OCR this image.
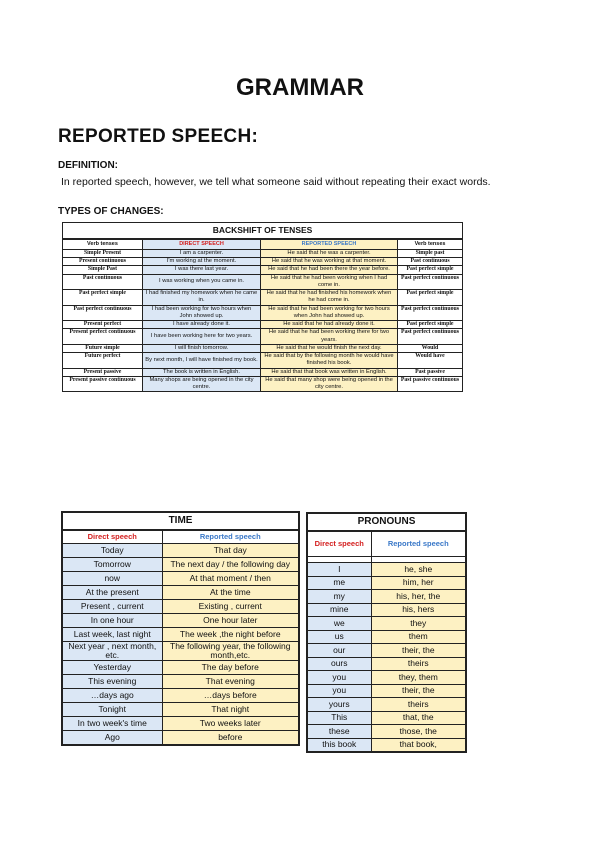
GRAMMAR
REPORTED SPEECH:
DEFINITION:
In reported speech, however, we tell what someone said without repeating their exact words.
TYPES OF CHANGES:
BACKSHIFT OF TENSES			
Verb tenses	DIRECT SPEECH	REPORTED SPEECH	Verb tenses
Simple Present	I am a carpenter.	He said that he was a carpenter.	Simple past
Present continuous	I'm working at the moment.	He said that he was working at that moment.	Past continuous
Simple Past	I was there last year.	He said that he had been there the year before.	Past perfect simple
Past continuous	I was working when you came in.	He said that he had been working when I had come in.	Past perfect continuous
Past perfect simple	I had finished my homework when he came in.	He said that he had finished his homework when he had come in.	Past perfect simple
Past perfect continuous	I had been working for two hours when John showed up.	He said that he had been working for two hours when John had showed up.	Past perfect continuous
Present perfect	I have already done it.	He said that he had already done it.	Past perfect simple
Present perfect continuous	I have been working here for two years.	He said that he had been working there for two years.	Past perfect continuous
Future simple	I will finish tomorrow.	He said that he would finish the next day.	Would
Future perfect	By next month, I will have finished my book.	He said that by the following month he would have finished his book.	Would have
Present passive	The book is written in English.	He said that that book was written in English.	Past passive
Present passive continuous	Many shops are being opened in the city centre.	He said that many shop were being opened in the city centre.	Past passive continuous
TIME	
Direct speech	Reported speech
Today	That day
Tomorrow	The next day / the following day
now	At that moment / then
At the present	At the time
Present , current	Existing , current
In one hour	One hour later
Last week, last night	The week ,the night before
Next year , next month, etc.	The following year, the following month,etc.
Yesterday	The day before
This evening	That evening
…days ago	…days before
Tonight	That night
In two week's time	Two weeks later
Ago	before
PRONOUNS	
Direct speech	Reported speech

I	he, she
me	him, her
my	his, her, the
mine	his, hers
we	they
us	them
our	their, the
ours	theirs
you	they, them
you	their, the
yours	theirs
This	that, the
these	those, the
this book	that book,
